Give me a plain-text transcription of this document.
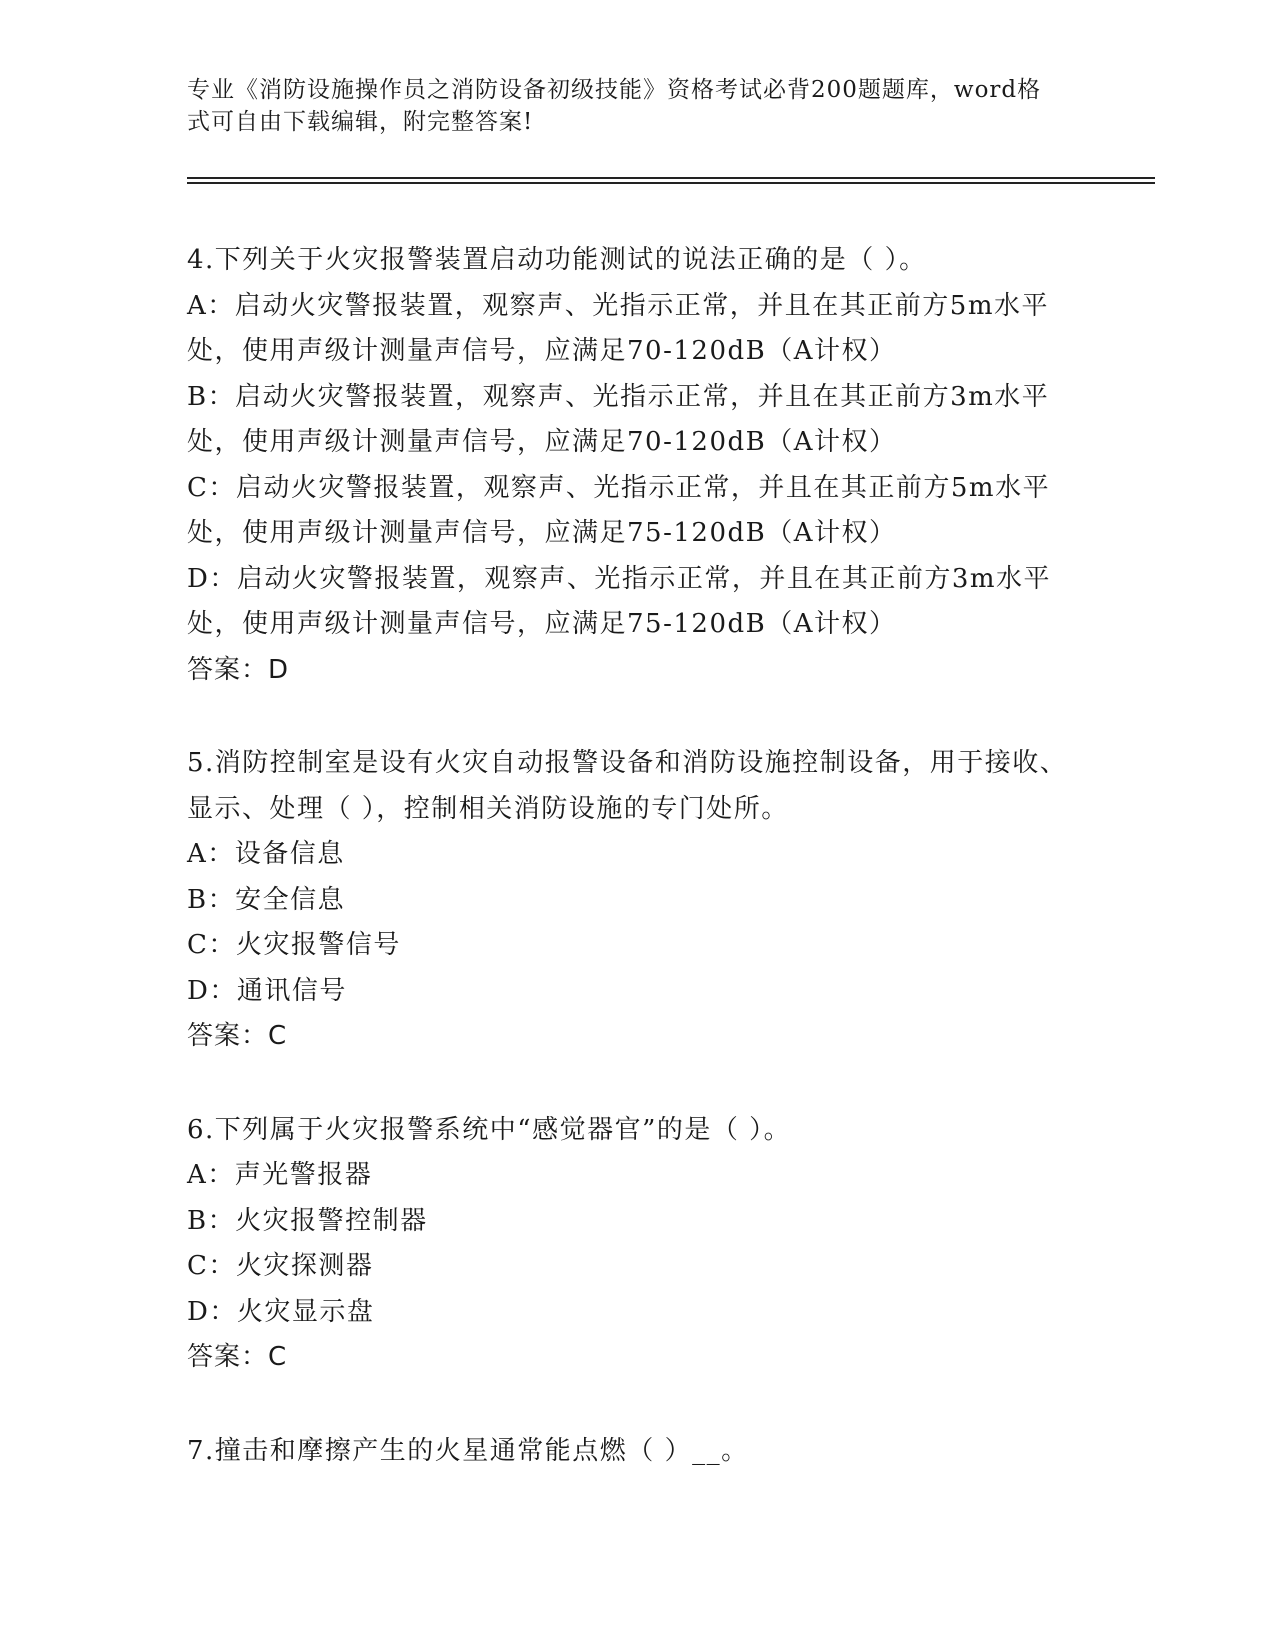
专业《消防设施操作员之消防设备初级技能》资格考试必背200题题库，word格
式可自由下载编辑，附完整答案!
4.下列关于火灾报警装置启动功能测试的说法正确的是（ ）。
A：启动火灾警报装置，观察声、光指示正常，并且在其正前方5m水平处，使用声级计测量声信号，应满足70-120dB（A计权）
B：启动火灾警报装置，观察声、光指示正常，并且在其正前方3m水平处，使用声级计测量声信号，应满足70-120dB（A计权）
C：启动火灾警报装置，观察声、光指示正常，并且在其正前方5m水平处，使用声级计测量声信号，应满足75-120dB（A计权）
D：启动火灾警报装置，观察声、光指示正常，并且在其正前方3m水平处，使用声级计测量声信号，应满足75-120dB（A计权）
答案：D
5.消防控制室是设有火灾自动报警设备和消防设施控制设备，用于接收、显示、处理（ ），控制相关消防设施的专门处所。
A：设备信息
B：安全信息
C：火灾报警信号
D：通讯信号
答案：C
6.下列属于火灾报警系统中“感觉器官”的是（ ）。
A：声光警报器
B：火灾报警控制器
C：火灾探测器
D：火灾显示盘
答案：C
7.撞击和摩擦产生的火星通常能点燃（ ）__。
